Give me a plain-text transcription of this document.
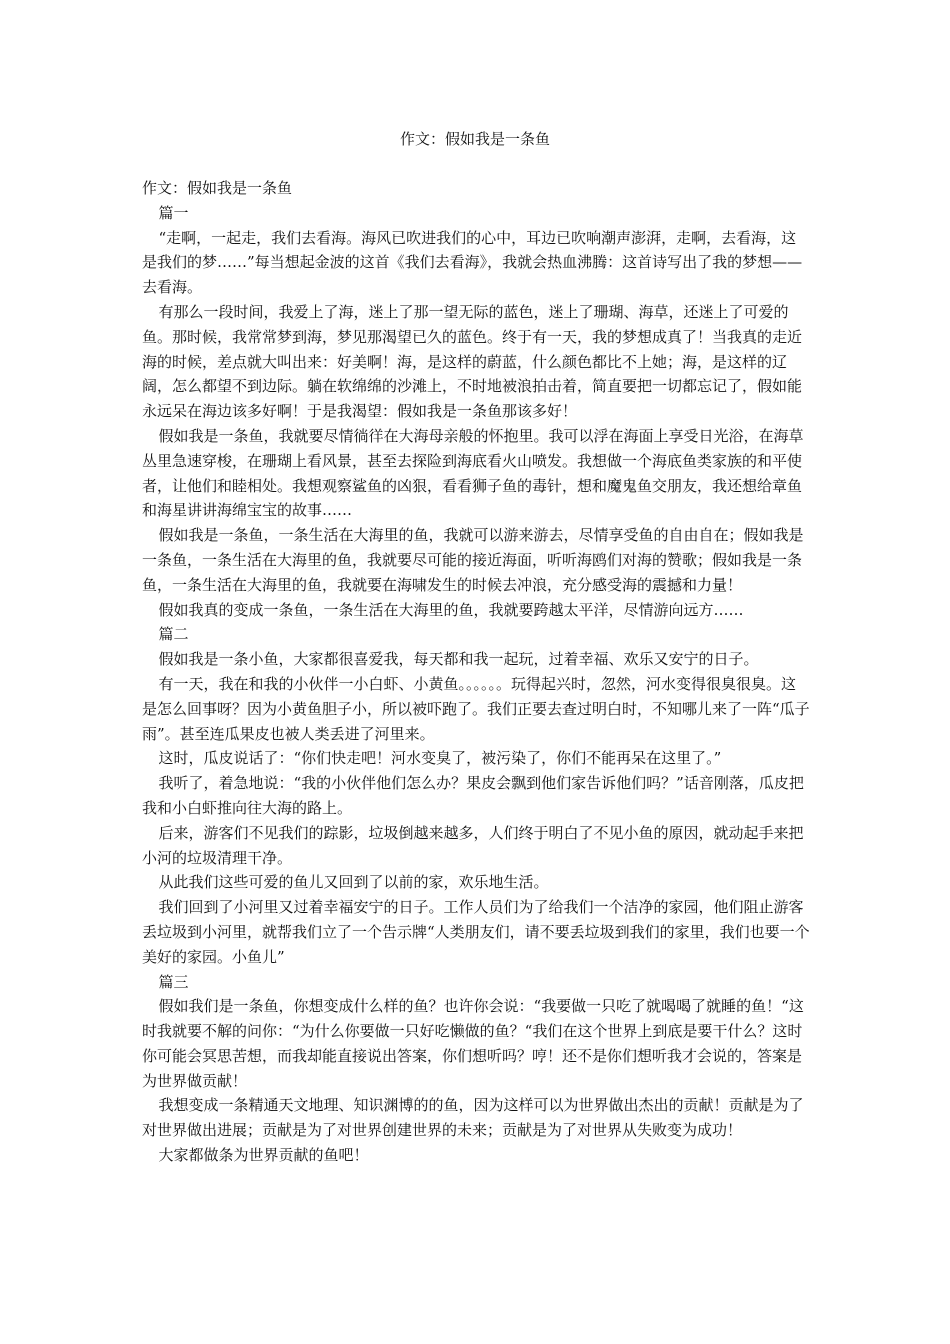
作文：假如我是一条鱼

作文：假如我是一条鱼

篇一

“走啊，一起走，我们去看海。海风已吹进我们的心中，耳边已吹响潮声澎湃，走啊，去看海，这是我们的梦……”每当想起金波的这首《我们去看海》，我就会热血沸腾：这首诗写出了我的梦想——去看海。

有那么一段时间，我爱上了海，迷上了那一望无际的蓝色，迷上了珊瑚、海草，还迷上了可爱的鱼。那时候，我常常梦到海，梦见那渴望已久的蓝色。终于有一天，我的梦想成真了！当我真的走近海的时候，差点就大叫出来：好美啊！海，是这样的蔚蓝，什么颜色都比不上她；海，是这样的辽阔，怎么都望不到边际。躺在软绵绵的沙滩上，不时地被浪拍击着，简直要把一切都忘记了，假如能永远呆在海边该多好啊！于是我渴望：假如我是一条鱼那该多好！

假如我是一条鱼，我就要尽情徜徉在大海母亲般的怀抱里。我可以浮在海面上享受日光浴，在海草丛里急速穿梭，在珊瑚上看风景，甚至去探险到海底看火山喷发。我想做一个海底鱼类家族的和平使者，让他们和睦相处。我想观察鲨鱼的凶狠，看看狮子鱼的毒针，想和魔鬼鱼交朋友，我还想给章鱼和海星讲讲海绵宝宝的故事……

假如我是一条鱼，一条生活在大海里的鱼，我就可以游来游去，尽情享受鱼的自由自在；假如我是一条鱼，一条生活在大海里的鱼，我就要尽可能的接近海面，听听海鸥们对海的赞歌；假如我是一条鱼，一条生活在大海里的鱼，我就要在海啸发生的时候去冲浪，充分感受海的震撼和力量！

假如我真的变成一条鱼，一条生活在大海里的鱼，我就要跨越太平洋，尽情游向远方……

篇二

假如我是一条小鱼，大家都很喜爱我，每天都和我一起玩，过着幸福、欢乐又安宁的日子。

有一天，我在和我的小伙伴一小白虾、小黄鱼。。。。。。玩得起兴时，忽然，河水变得很臭很臭。这是怎么回事呀？因为小黄鱼胆子小，所以被吓跑了。我们正要去查过明白时，不知哪儿来了一阵“瓜子雨”。甚至连瓜果皮也被人类丢进了河里来。

这时，瓜皮说话了：“你们快走吧！河水变臭了，被污染了，你们不能再呆在这里了。”

我听了，着急地说：“我的小伙伴他们怎么办？果皮会飘到他们家告诉他们吗？”话音刚落，瓜皮把我和小白虾推向往大海的路上。

后来，游客们不见我们的踪影，垃圾倒越来越多，人们终于明白了不见小鱼的原因，就动起手来把小河的垃圾清理干净。

从此我们这些可爱的鱼儿又回到了以前的家，欢乐地生活。

我们回到了小河里又过着幸福安宁的日子。工作人员们为了给我们一个洁净的家园，他们阻止游客丢垃圾到小河里，就帮我们立了一个告示牌“人类朋友们，请不要丢垃圾到我们的家里，我们也要一个美好的家园。小鱼儿”

篇三

假如我们是一条鱼，你想变成什么样的鱼？也许你会说：“我要做一只吃了就喝喝了就睡的鱼！“这时我就要不解的问你：“为什么你要做一只好吃懒做的鱼？“我们在这个世界上到底是要干什么？这时你可能会冥思苦想，而我却能直接说出答案，你们想听吗？哼！还不是你们想听我才会说的，答案是为世界做贡献！

我想变成一条精通天文地理、知识渊博的的鱼，因为这样可以为世界做出杰出的贡献！贡献是为了对世界做出进展；贡献是为了对世界创建世界的未来；贡献是为了对世界从失败变为成功！

大家都做条为世界贡献的鱼吧！
